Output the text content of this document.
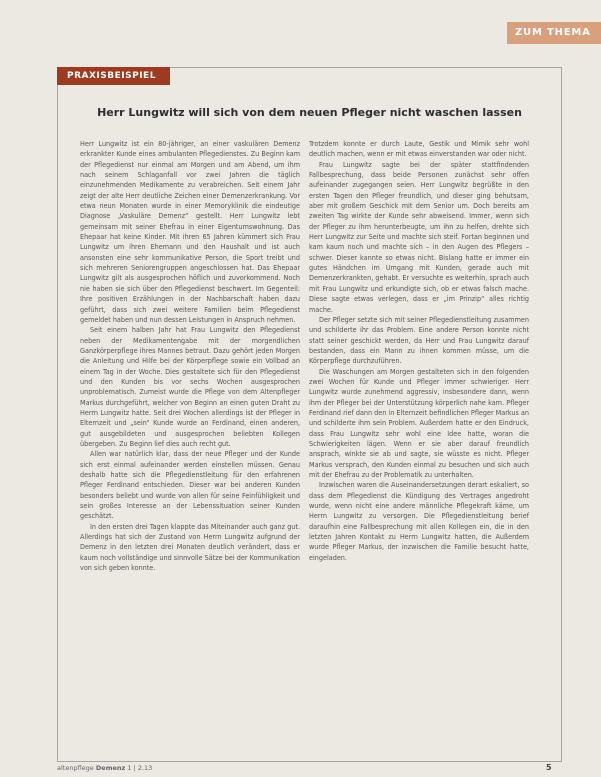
ZUM THEMA
PRAXISBEISPIEL
Herr Lungwitz will sich von dem neuen Pfleger nicht waschen lassen

Herr Lungwitz ist ein 80-jähriger, an einer vaskulären Demenz erkrankter Kunde eines ambulanten Pflegedienstes. Zu Beginn kam der Pflegedienst nur einmal am Morgen und am Abend, um ihm nach seinem Schlaganfall vor zwei Jahren die täglich einzunehmenden Medikamente zu verabreichen. Seit einem Jahr zeigt der alte Herr deutliche Zeichen einer Demenzerkrankung. Vor etwa neun Monaten wurde in einer Memoryklinik die eindeutige Diagnose „Vaskuläre Demenz“ gestellt. Herr Lungwitz lebt gemeinsam mit seiner Ehefrau in einer Eigentumswohnung. Das Ehepaar hat keine Kinder. Mit ihren 65 Jahren kümmert sich Frau Lungwitz um ihren Ehemann und den Haushalt und ist auch ansonsten eine sehr kommunikative Person, die Sport treibt und sich mehreren Seniorengruppen angeschlossen hat. Das Ehepaar Lungwitz gilt als ausgesprochen höflich und zuvorkommend. Noch nie haben sie sich über den Pflegedienst beschwert. Im Gegenteil: Ihre positiven Erzählungen in der Nachbarschaft haben dazu geführt, dass sich zwei weitere Familien beim Pflegedienst gemeldet haben und nun dessen Leistungen in Anspruch nehmen.

Seit einem halben Jahr hat Frau Lungwitz den Pflegedienst neben der Medikamentengabe mit der morgendlichen Ganzkörperpflege ihres Mannes betraut. Dazu gehört jeden Morgen die Anleitung und Hilfe bei der Körperpflege sowie ein Vollbad an einem Tag in der Woche. Dies gestaltete sich für den Pflegedienst und den Kunden bis vor sechs Wochen ausgesprochen unproblematisch. Zumeist wurde die Pflege von dem Altenpfleger Markus durchgeführt, welcher von Beginn an einen guten Draht zu Herrn Lungwitz hatte. Seit drei Wochen allerdings ist der Pfleger in Elternzeit und „sein“ Kunde wurde an Ferdinand, einen anderen, gut ausgebildeten und ausgesprochen beliebten Kollegen übergeben. Zu Beginn lief dies auch recht gut.

Allen war natürlich klar, dass der neue Pfleger und der Kunde sich erst einmal aufeinander werden einstellen müssen. Genau deshalb hatte sich die Pflegedienstleitung für den erfahrenen Pfleger Ferdinand entschieden. Dieser war bei anderen Kunden besonders beliebt und wurde von allen für seine Feinfühligkeit und sein großes Interesse an der Lebenssituation seiner Kunden geschätzt.

In den ersten drei Tagen klappte das Miteinander auch ganz gut. Allerdings hat sich der Zustand von Herrn Lungwitz aufgrund der Demenz in den letzten drei Monaten deutlich verändert, dass er kaum noch vollständige und sinnvolle Sätze bei der Kommunikation von sich geben konnte.

Trotzdem konnte er durch Laute, Gestik und Mimik sehr wohl deutlich machen, wenn er mit etwas einverstanden war oder nicht.

Frau Lungwitz sagte bei der später stattfindenden Fallbesprechung, dass beide Personen zunächst sehr offen aufeinander zugegangen seien. Herr Lungwitz begrüßte in den ersten Tagen den Pfleger freundlich, und dieser ging behutsam, aber mit großem Geschick mit dem Senior um. Doch bereits am zweiten Tag wirkte der Kunde sehr abweisend. Immer, wenn sich der Pfleger zu ihm herunterbeugte, um ihn zu helfen, drehte sich Herr Lungwitz zur Seite und machte sich steif. Fortan beginnen und kam kaum noch und machte sich – in den Augen des Pflegers – schwer. Dieser kannte so etwas nicht. Bislang hatte er immer ein gutes Händchen im Umgang mit Kunden, gerade auch mit Demenzerkrankten, gehabt. Er versuchte es weiterhin, sprach auch mit Frau Lungwitz und erkundigte sich, ob er etwas falsch mache. Diese sagte etwas verlegen, dass er „im Prinzip“ alles richtig mache.

Der Pfleger setzte sich mit seiner Pflegedienstleitung zusammen und schilderte ihr das Problem. Eine andere Person konnte nicht statt seiner geschickt werden, da Herr und Frau Lungwitz darauf bestanden, dass ein Mann zu ihnen kommen müsse, um die Körperpflege durchzuführen.

Die Waschungen am Morgen gestalteten sich in den folgenden zwei Wochen für Kunde und Pfleger immer schwieriger. Herr Lungwitz wurde zunehmend aggressiv, insbesondere dann, wenn ihm der Pfleger bei der Unterstützung körperlich nahe kam. Pfleger Ferdinand rief dann den in Elternzeit befindlichen Pfleger Markus an und schilderte ihm sein Problem. Außerdem hatte er den Eindruck, dass Frau Lungwitz sehr wohl eine Idee hatte, woran die Schwierigkeiten lägen. Wenn er sie aber darauf freundlich ansprach, winkte sie ab und sagte, sie wüsste es nicht. Pfleger Markus versprach, den Kunden einmal zu besuchen und sich auch mit der Ehefrau zu der Problematik zu unterhalten.

Inzwischen waren die Auseinandersetzungen derart eskaliert, so dass dem Pflegedienst die Kündigung des Vertrages angedroht wurde, wenn nicht eine andere männliche Pflegekraft käme, um Herrn Lungwitz zu versorgen. Die Pflegedienstleitung berief daraufhin eine Fallbesprechung mit allen Kollegen ein, die in den letzten Jahren Kontakt zu Herrn Lungwitz hatten, die Außerdem wurde Pfleger Markus, der inzwischen die Familie besucht hatte, eingeladen.

altenpflege Demenz 1 | 2.13	5
